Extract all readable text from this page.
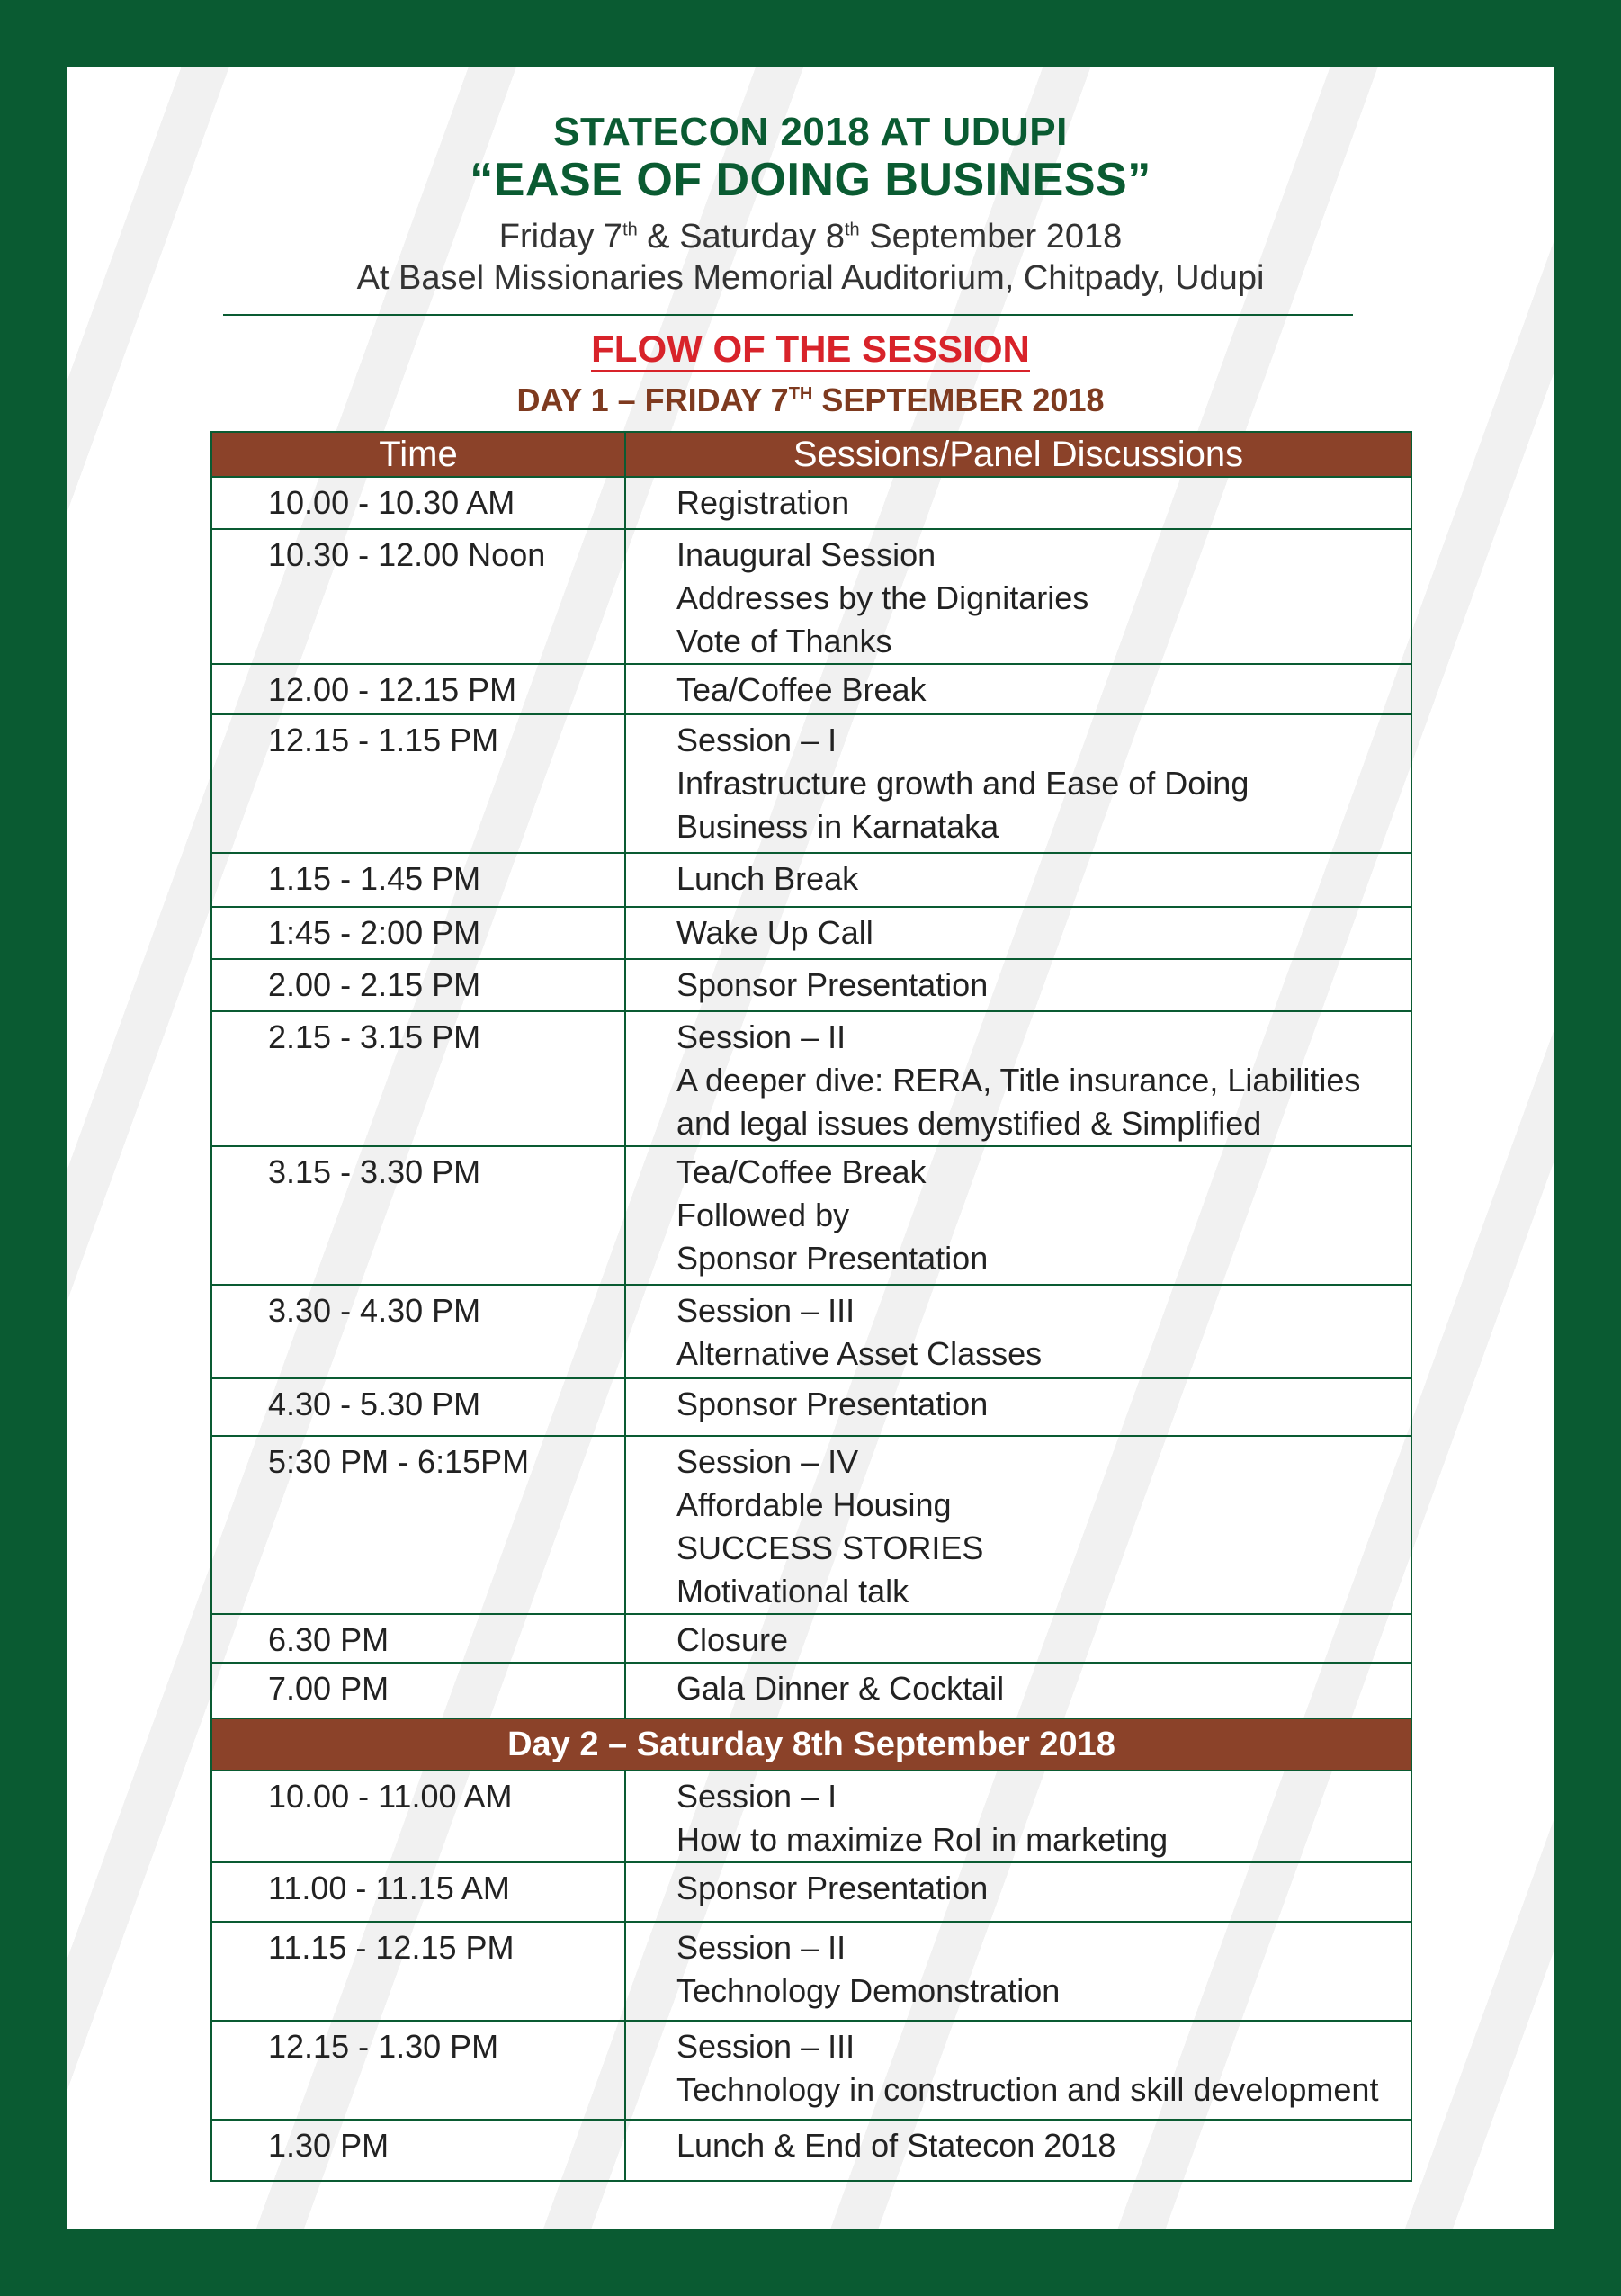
STATECON 2018 AT UDUPI
“EASE OF DOING BUSINESS”
Friday 7th & Saturday 8th September 2018
At Basel Missionaries Memorial Auditorium, Chitpady, Udupi
FLOW OF THE SESSION
DAY 1 – FRIDAY 7TH SEPTEMBER 2018
Time	Sessions/Panel Discussions
10.00 - 10.30 AM	Registration

10.30 - 12.00 Noon	Inaugural Session
Addresses by the Dignitaries
Vote of Thanks

12.00 - 12.15 PM	Tea/Coffee Break

12.15 - 1.15 PM	Session – I
Infrastructure growth and Ease of Doing
Business in Karnataka

1.15 - 1.45 PM	Lunch Break

1:45 - 2:00 PM	Wake Up Call

2.00 - 2.15 PM	Sponsor Presentation

2.15 - 3.15 PM	Session – II
A deeper dive: RERA, Title insurance, Liabilities
and legal issues demystified & Simplified

3.15 - 3.30 PM	Tea/Coffee Break
Followed by
Sponsor Presentation

3.30 - 4.30 PM	Session – III
Alternative Asset Classes

4.30 - 5.30 PM	Sponsor Presentation

5:30 PM - 6:15PM	Session – IV
Affordable Housing
SUCCESS STORIES
Motivational talk

6.30 PM	Closure

7.00 PM	Gala Dinner & Cocktail

Day 2 – Saturday 8th September 2018	
10.00 - 11.00 AM	Session – I
How to maximize RoI in marketing

11.00 - 11.15 AM	Sponsor Presentation

11.15 - 12.15 PM	Session – II
Technology Demonstration

12.15 - 1.30 PM	Session – III
Technology in construction and skill development

1.30 PM	Lunch & End of Statecon 2018
